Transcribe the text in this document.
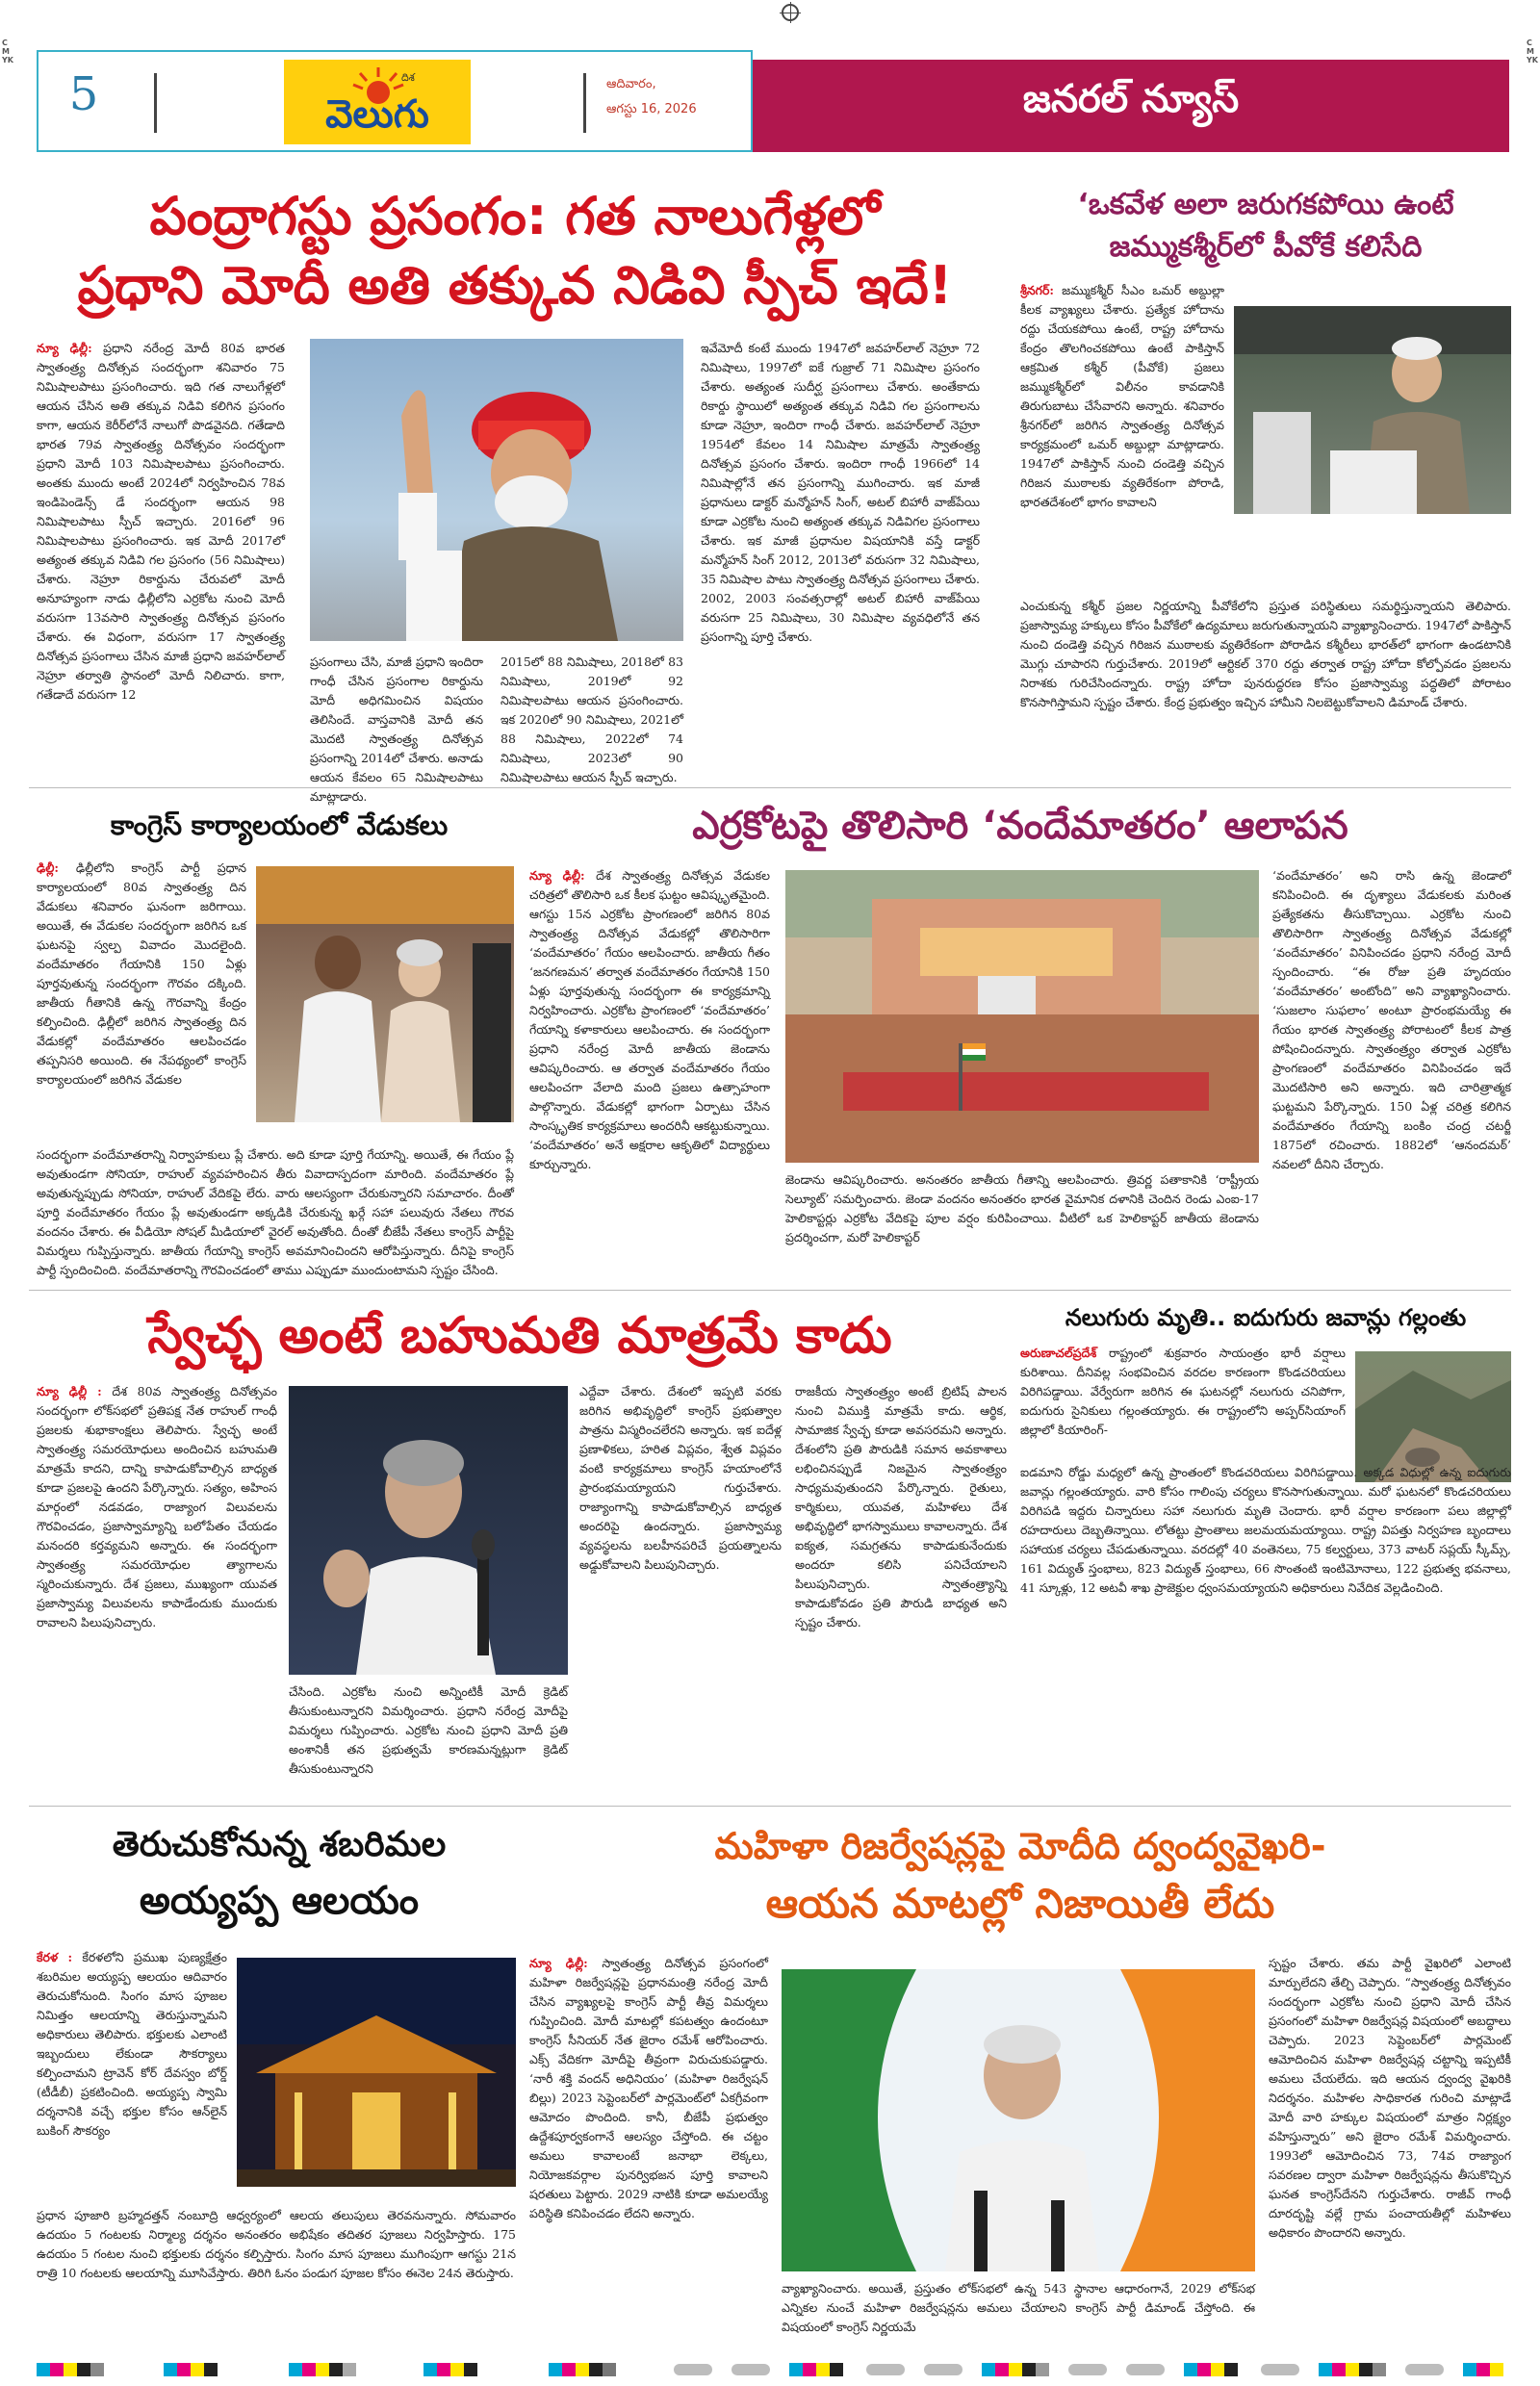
CMYK
CMYK
5	దిశ
వెలుగు
ఆదివారం,
ఆగస్టు 16, 2026	జనరల్ న్యూస్
పంద్రాగస్టు ప్రసంగం: గత నాలుగేళ్లలో
ప్రధాని మోదీ అతి తక్కువ నిడివి స్పీచ్ ఇదే!
న్యూ ఢిల్లీ: ప్రధాని నరేంద్ర మోదీ 80వ భారత స్వాతంత్ర్య దినోత్సవ సందర్భంగా శనివారం 75 నిమిషాలపాటు ప్రసంగించారు. ఇది గత నాలుగేళ్లలో ఆయన చేసిన అతి తక్కువ నిడివి కలిగిన ప్రసంగం కాగా, ఆయన కెరీర్‌లోనే నాలుగో పొడవైనది. గతేడాది భారత 79వ స్వాతంత్ర్య దినోత్సవం సందర్భంగా ప్రధాని మోదీ 103 నిమిషాలపాటు ప్రసంగించారు. అంతకు ముందు అంటే 2024లో నిర్వహించిన 78వ ఇండిపెండెన్స్ డే సందర్భంగా ఆయన 98 నిమిషాలపాటు స్పీచ్ ఇచ్చారు. 2016లో 96 నిమిషాలపాటు ప్రసంగించారు. ఇక మోదీ 2017లో అత్యంత తక్కువ నిడివి గల ప్రసంగం (56 నిమిషాలు) చేశారు. నెహ్రూ రికార్డును చేరువలో మోదీ అనూహ్యంగా నాడు ఢిల్లీలోని ఎర్రకోట నుంచి మోదీ వరుసగా 13వసారి స్వాతంత్ర్య దినోత్సవ ప్రసంగం చేశారు. ఈ విధంగా, వరుసగా 17 స్వాతంత్ర్య దినోత్సవ ప్రసంగాలు చేసిన మాజీ ప్రధాని జవహర్‌లాల్ నెహ్రూ తర్వాతి స్థానంలో మోదీ నిలిచారు. కాగా, గతేడాదే వరుసగా 12
ప్రసంగాలు చేసి, మాజీ ప్రధాని ఇందిరా గాంధీ చేసిన ప్రసంగాల రికార్డును మోదీ అధిగమించిన విషయం తెలిసిందే. వాస్తవానికి మోదీ తన మొదటి స్వాతంత్ర్య దినోత్సవ ప్రసంగాన్ని 2014లో చేశారు. అనాడు ఆయన కేవలం 65 నిమిషాలపాటు మాట్లాడారు.
2015లో 88 నిమిషాలు, 2018లో 83 నిమిషాలు, 2019లో 92 నిమిషాలపాటు ఆయన ప్రసంగించారు. ఇక 2020లో 90 నిమిషాలు, 2021లో 88 నిమిషాలు, 2022లో 74 నిమిషాలు, 2023లో 90 నిమిషాలపాటు ఆయన స్పీచ్ ఇచ్చారు.
ఇవేమోదీ కంటే ముందు 1947లో జవహర్‌లాల్ నెహ్రూ 72 నిమిషాలు, 1997లో ఐకే గుజ్రాల్ 71 నిమిషాల ప్రసంగం చేశారు. అత్యంత సుదీర్ఘ ప్రసంగాలు చేశారు. అంతేకాదు రికార్డు స్థాయిలో అత్యంత తక్కువ నిడివి గల ప్రసంగాలను కూడా నెహ్రూ, ఇందిరా గాంధీ చేశారు. జవహర్‌లాల్ నెహ్రూ 1954లో కేవలం 14 నిమిషాల మాత్రమే స్వాతంత్ర్య దినోత్సవ ప్రసంగం చేశారు. ఇందిరా గాంధీ 1966లో 14 నిమిషాల్లోనే తన ప్రసంగాన్ని ముగించారు. ఇక మాజీ ప్రధానులు డాక్టర్ మన్మోహన్ సింగ్, అటల్ బిహారీ వాజ్‌పేయి కూడా ఎర్రకోట నుంచి అత్యంత తక్కువ నిడివిగల ప్రసంగాలు చేశారు. ఇక మాజీ ప్రధానుల విషయానికి వస్తే డాక్టర్ మన్మోహన్ సింగ్ 2012, 2013లో వరుసగా 32 నిమిషాలు, 35 నిమిషాల పాటు స్వాతంత్ర్య దినోత్సవ ప్రసంగాలు చేశారు. 2002, 2003 సంవత్సరాల్లో అటల్ బిహారీ వాజ్‌పేయి వరుసగా 25 నిమిషాలు, 30 నిమిషాల వ్యవధిలోనే తన ప్రసంగాన్ని పూర్తి చేశారు.
‘ఒకవేళ అలా జరుగకపోయి ఉంటే
జమ్ముకశ్మీర్‌లో పీవోకే కలిసేది
శ్రీనగర్: జమ్ముకశ్మీర్ సీఎం ఒమర్ అబ్దుల్లా కీలక వ్యాఖ్యలు చేశారు. ప్రత్యేక హోదాను రద్దు చేయకపోయి ఉంటే, రాష్ట్ర హోదాను కేంద్రం తొలగించకపోయి ఉంటే పాకిస్తాన్ ఆక్రమిత కశ్మీర్ (పీవోకే) ప్రజలు జమ్ముకశ్మీర్‌లో విలీనం కావడానికి తిరుగుబాటు చేసేవారని అన్నారు. శనివారం శ్రీనగర్‌లో జరిగిన స్వాతంత్ర్య దినోత్సవ కార్యక్రమంలో ఒమర్ అబ్దుల్లా మాట్లాడారు. 1947లో పాకిస్తాన్ నుంచి దండెత్తి వచ్చిన గిరిజన ముఠాలకు వ్యతిరేకంగా పోరాడి, భారతదేశంలో భాగం కావాలని
ఎంచుకున్న కశ్మీర్ ప్రజల నిర్ణయాన్ని పీవోకేలోని ప్రస్తుత పరిస్థితులు సమర్థిస్తున్నాయని తెలిపారు. ప్రజాస్వామ్య హక్కులు కోసం పీవోకేలో ఉద్యమాలు జరుగుతున్నాయని వ్యాఖ్యానించారు. 1947లో పాకిస్తాన్ నుంచి దండెత్తి వచ్చిన గిరిజన ముఠాలకు వ్యతిరేకంగా పోరాడిన కశ్మీరీలు భారత్‌లో భాగంగా ఉండటానికి మొగ్గు చూపారని గుర్తుచేశారు. 2019లో ఆర్టికల్ 370 రద్దు తర్వాత రాష్ట్ర హోదా కోల్పోవడం ప్రజలను నిరాశకు గురిచేసిందన్నారు. రాష్ట్ర హోదా పునరుద్ధరణ కోసం ప్రజాస్వామ్య పద్ధతిలో పోరాటం కొనసాగిస్తామని స్పష్టం చేశారు. కేంద్ర ప్రభుత్వం ఇచ్చిన హామీని నిలబెట్టుకోవాలని డిమాండ్ చేశారు.
కాంగ్రెస్ కార్యాలయంలో వేడుకలు
ఢిల్లీ: ఢిల్లీలోని కాంగ్రెస్ పార్టీ ప్రధాన కార్యాలయంలో 80వ స్వాతంత్ర్య దిన వేడుకలు శనివారం ఘనంగా జరిగాయి. అయితే, ఈ వేడుకల సందర్భంగా జరిగిన ఒక ఘటనపై స్వల్ప వివాదం మొదలైంది. వందేమాతరం గేయానికి 150 ఏళ్లు పూర్తవుతున్న సందర్భంగా గౌరవం దక్కింది. జాతీయ గీతానికి ఉన్న గౌరవాన్ని కేంద్రం కల్పించింది. ఢిల్లీలో జరిగిన స్వాతంత్ర్య దిన వేడుకల్లో వందేమాతరం ఆలపించడం తప్పనిసరి అయింది. ఈ నేపథ్యంలో కాంగ్రెస్ కార్యాలయంలో జరిగిన వేడుకల
సందర్భంగా వందేమాతరాన్ని నిర్వాహకులు ప్లే చేశారు. అది కూడా పూర్తి గేయాన్ని. అయితే, ఈ గేయం ప్లే అవుతుండగా సోనియా, రాహుల్ వ్యవహరించిన తీరు వివాదాస్పదంగా మారింది. వందేమాతరం ప్లే అవుతున్నప్పుడు సోనియా, రాహుల్ వేదికపై లేరు. వారు ఆలస్యంగా చేరుకున్నారని సమాచారం. దీంతో పూర్తి వందేమాతరం గేయం ప్లే అవుతుండగా అక్కడికి చేరుకున్న ఖర్గే సహా పలువురు నేతలు గౌరవ వందనం చేశారు. ఈ వీడియో సోషల్ మీడియాలో వైరల్ అవుతోంది. దీంతో బీజేపీ నేతలు కాంగ్రెస్ పార్టీపై విమర్శలు గుప్పిస్తున్నారు. జాతీయ గేయాన్ని కాంగ్రెస్ అవమానించిందని ఆరోపిస్తున్నారు. దీనిపై కాంగ్రెస్ పార్టీ స్పందించింది. వందేమాతరాన్ని గౌరవించడంలో తాము ఎప్పుడూ ముందుంటామని స్పష్టం చేసింది.
ఎర్రకోటపై తొలిసారి ‘వందేమాతరం’ ఆలాపన
న్యూ ఢిల్లీ: దేశ స్వాతంత్ర్య దినోత్సవ వేడుకల చరిత్రలో తొలిసారి ఒక కీలక ఘట్టం ఆవిష్కృతమైంది. ఆగస్టు 15న ఎర్రకోట ప్రాంగణంలో జరిగిన 80వ స్వాతంత్ర్య దినోత్సవ వేడుకల్లో తొలిసారిగా ‘వందేమాతరం’ గేయం ఆలపించారు. జాతీయ గీతం ‘జనగణమన’ తర్వాత వందేమాతరం గేయానికి 150 ఏళ్లు పూర్తవుతున్న సందర్భంగా ఈ కార్యక్రమాన్ని నిర్వహించారు. ఎర్రకోట ప్రాంగణంలో ‘వందేమాతరం’ గేయాన్ని కళాకారులు ఆలపించారు. ఈ సందర్భంగా ప్రధాని నరేంద్ర మోదీ జాతీయ జెండాను ఆవిష్కరించారు. ఆ తర్వాత వందేమాతరం గేయం ఆలపించగా వేలాది మంది ప్రజలు ఉత్సాహంగా పాల్గొన్నారు. వేడుకల్లో భాగంగా ఏర్పాటు చేసిన సాంస్కృతిక కార్యక్రమాలు అందరినీ ఆకట్టుకున్నాయి. ‘వందేమాతరం’ అనే అక్షరాల ఆకృతిలో విద్యార్థులు కూర్చున్నారు.
జెండాను ఆవిష్కరించారు. అనంతరం జాతీయ గీతాన్ని ఆలపించారు. త్రివర్ణ పతాకానికి ‘రాష్ట్రీయ సెల్యూట్’ సమర్పించారు. జెండా వందనం అనంతరం భారత వైమానిక దళానికి చెందిన రెండు ఎంఐ-17 హెలికాప్టర్లు ఎర్రకోట వేదికపై పూల వర్షం కురిపించాయి. వీటిలో ఒక హెలికాప్టర్ జాతీయ జెండాను ప్రదర్శించగా, మరో హెలికాప్టర్
‘వందేమాతరం’ అని రాసి ఉన్న జెండాలో కనిపించింది. ఈ దృశ్యాలు వేడుకలకు మరింత ప్రత్యేకతను తీసుకొచ్చాయి. ఎర్రకోట నుంచి తొలిసారిగా స్వాతంత్ర్య దినోత్సవ వేడుకల్లో ‘వందేమాతరం’ వినిపించడం ప్రధాని నరేంద్ర మోదీ స్పందించారు. “ఈ రోజు ప్రతి హృదయం ‘వందేమాతరం’ అంటోంది” అని వ్యాఖ్యానించారు. ‘సుజలాం సుఫలాం’ అంటూ ప్రారంభమయ్యే ఈ గేయం భారత స్వాతంత్ర్య పోరాటంలో కీలక పాత్ర పోషించిందన్నారు. స్వాతంత్ర్యం తర్వాత ఎర్రకోట ప్రాంగణంలో వందేమాతరం వినిపించడం ఇదే మొదటిసారి అని అన్నారు. ఇది చారిత్రాత్మక ఘట్టమని పేర్కొన్నారు. 150 ఏళ్ల చరిత్ర కలిగిన వందేమాతరం గేయాన్ని బంకిం చంద్ర చటర్జీ 1875లో రచించారు. 1882లో ‘ఆనందమఠ్’ నవలలో దీనిని చేర్చారు.
స్వేచ్ఛ అంటే బహుమతి మాత్రమే కాదు
న్యూ ఢిల్లీ : దేశ 80వ స్వాతంత్ర్య దినోత్సవం సందర్భంగా లోక్‌సభలో ప్రతిపక్ష నేత రాహుల్ గాంధీ ప్రజలకు శుభాకాంక్షలు తెలిపారు. స్వేచ్ఛ అంటే స్వాతంత్ర్య సమరయోధులు అందించిన బహుమతి మాత్రమే కాదని, దాన్ని కాపాడుకోవాల్సిన బాధ్యత కూడా ప్రజలపై ఉందని పేర్కొన్నారు. సత్యం, అహింస మార్గంలో నడవడం, రాజ్యాంగ విలువలను గౌరవించడం, ప్రజాస్వామ్యాన్ని బలోపేతం చేయడం మనందరి కర్తవ్యమని అన్నారు. ఈ సందర్భంగా స్వాతంత్ర్య సమరయోధుల త్యాగాలను స్మరించుకున్నారు. దేశ ప్రజలు, ముఖ్యంగా యువత ప్రజాస్వామ్య విలువలను కాపాడేందుకు ముందుకు రావాలని పిలుపునిచ్చారు.
చేసింది. ఎర్రకోట నుంచి అన్నింటికీ మోదీ క్రెడిట్ తీసుకుంటున్నారని విమర్శించారు. ప్రధాని నరేంద్ర మోదీపై విమర్శలు గుప్పించారు. ఎర్రకోట నుంచి ప్రధాని మోదీ ప్రతి అంశానికీ తన ప్రభుత్వమే కారణమన్నట్లుగా క్రెడిట్ తీసుకుంటున్నారని
ఎద్దేవా చేశారు. దేశంలో ఇప్పటి వరకు జరిగిన అభివృద్ధిలో కాంగ్రెస్ ప్రభుత్వాల పాత్రను విస్మరించలేరని అన్నారు. ఇక ఐదేళ్ల ప్రణాళికలు, హరిత విప్లవం, శ్వేత విప్లవం వంటి కార్యక్రమాలు కాంగ్రెస్ హయాంలోనే ప్రారంభమయ్యాయని గుర్తుచేశారు. రాజ్యాంగాన్ని కాపాడుకోవాల్సిన బాధ్యత అందరిపై ఉందన్నారు. ప్రజాస్వామ్య వ్యవస్థలను బలహీనపరిచే ప్రయత్నాలను అడ్డుకోవాలని పిలుపునిచ్చారు.
రాజకీయ స్వాతంత్ర్యం అంటే బ్రిటిష్ పాలన నుంచి విముక్తి మాత్రమే కాదు. ఆర్థిక, సామాజిక స్వేచ్ఛ కూడా అవసరమని అన్నారు. దేశంలోని ప్రతి పౌరుడికి సమాన అవకాశాలు లభించినప్పుడే నిజమైన స్వాతంత్ర్యం సాధ్యమవుతుందని పేర్కొన్నారు. రైతులు, కార్మికులు, యువత, మహిళలు దేశ అభివృద్ధిలో భాగస్వాములు కావాలన్నారు. దేశ ఐక్యత, సమగ్రతను కాపాడుకునేందుకు అందరూ కలిసి పనిచేయాలని పిలుపునిచ్చారు. స్వాతంత్ర్యాన్ని కాపాడుకోవడం ప్రతి పౌరుడి బాధ్యత అని స్పష్టం చేశారు.
నలుగురు మృతి.. ఐదుగురు జవాన్లు గల్లంతు
అరుణాచల్‌ప్రదేశ్ రాష్ట్రంలో శుక్రవారం సాయంత్రం భారీ వర్షాలు కురిశాయి. దీనివల్ల సంభవించిన వరదల కారణంగా కొండచరియలు విరిగిపడ్డాయి. వేర్వేరుగా జరిగిన ఈ ఘటనల్లో నలుగురు చనిపోగా, ఐదుగురు సైనికులు గల్లంతయ్యారు. ఈ రాష్ట్రంలోని అప్పర్‌సియాంగ్ జిల్లాలో కియారింగ్-
ఐడమాని రోడ్డు మధ్యలో ఉన్న ప్రాంతంలో కొండచరియలు విరిగిపడ్డాయి. అక్కడ విధుల్లో ఉన్న ఐదుగురు జవాన్లు గల్లంతయ్యారు. వారి కోసం గాలింపు చర్యలు కొనసాగుతున్నాయి. మరో ఘటనలో కొండచరియలు విరిగిపడి ఇద్దరు చిన్నారులు సహా నలుగురు మృతి చెందారు. భారీ వర్షాల కారణంగా పలు జిల్లాల్లో రహదారులు దెబ్బతిన్నాయి. లోతట్టు ప్రాంతాలు జలమయమయ్యాయి. రాష్ట్ర విపత్తు నిర్వహణ బృందాలు సహాయక చర్యలు చేపడుతున్నాయి. వరదల్లో 40 వంతెనలు, 75 కల్వర్టులు, 373 వాటర్ సప్లయ్ స్కీమ్స్, 161 విద్యుత్ స్తంభాలు, 823 విద్యుత్ స్తంభాలు, 66 సొంతంటి ఇంటిమోనాలు, 122 ప్రభుత్వ భవనాలు, 41 స్కూళ్లు, 12 అటవీ శాఖ ప్రాజెక్టుల ధ్వంసమయ్యాయని అధికారులు నివేదిక వెల్లడించింది.
తెరుచుకోనున్న శబరిమల
అయ్యప్ప ఆలయం
కేరళ : కేరళలోని ప్రముఖ పుణ్యక్షేత్రం శబరిమల అయ్యప్ప ఆలయం ఆదివారం తెరుచుకోనుంది. సింగం మాస పూజల నిమిత్తం ఆలయాన్ని తెరుస్తున్నామని అధికారులు తెలిపారు. భక్తులకు ఎలాంటి ఇబ్బందులు లేకుండా సౌకర్యాలు కల్పించామని ట్రావెన్ కోర్ దేవస్వం బోర్డ్ (టీడీబీ) ప్రకటించింది. అయ్యప్ప స్వామి దర్శనానికి వచ్చే భక్తుల కోసం ఆన్‌లైన్ బుకింగ్ సౌకర్యం
ప్రధాన పూజారి బ్రహ్మదత్తన్ నంబూద్రి ఆధ్వర్యంలో ఆలయ తలుపులు తెరవనున్నారు. సోమవారం ఉదయం 5 గంటలకు నిర్మాల్య దర్శనం అనంతరం అభిషేకం తదితర పూజలు నిర్వహిస్తారు. 175 ఉదయం 5 గంటల నుంచి భక్తులకు దర్శనం కల్పిస్తారు. సింగం మాస పూజలు ముగింపుగా ఆగస్టు 21న రాత్రి 10 గంటలకు ఆలయాన్ని మూసివేస్తారు. తిరిగి ఓనం పండుగ పూజల కోసం ఈనెల 24న తెరుస్తారు.
మహిళా రిజర్వేషన్లపై మోదీది ద్వంద్వవైఖరి-
ఆయన మాటల్లో నిజాయితీ లేదు
న్యూ ఢిల్లీ: స్వాతంత్ర్య దినోత్సవ ప్రసంగంలో మహిళా రిజర్వేషన్లపై ప్రధానమంత్రి నరేంద్ర మోదీ చేసిన వ్యాఖ్యలపై కాంగ్రెస్ పార్టీ తీవ్ర విమర్శలు గుప్పించింది. మోదీ మాటల్లో కపటత్వం ఉందంటూ కాంగ్రెస్ సీనియర్ నేత జైరాం రమేశ్ ఆరోపించారు. ఎక్స్ వేదికగా మోదీపై తీవ్రంగా విరుచుకుపడ్డారు. ‘నారీ శక్తి వందన్ అధినియం’ (మహిళా రిజర్వేషన్ బిల్లు) 2023 సెప్టెంబర్‌లో పార్లమెంట్‌లో ఏకగ్రీవంగా ఆమోదం పొందింది. కానీ, బీజేపీ ప్రభుత్వం ఉద్దేశపూర్వకంగానే ఆలస్యం చేస్తోంది. ఈ చట్టం అమలు కావాలంటే జనాభా లెక్కలు, నియోజకవర్గాల పునర్విభజన పూర్తి కావాలని షరతులు పెట్టారు. 2029 నాటికి కూడా అమలయ్యే పరిస్థితి కనిపించడం లేదని అన్నారు.
వ్యాఖ్యానించారు. అయితే, ప్రస్తుతం లోక్‌సభలో ఉన్న 543 స్థానాల ఆధారంగానే, 2029 లోక్‌సభ ఎన్నికల నుంచే మహిళా రిజర్వేషన్లను అమలు చేయాలని కాంగ్రెస్ పార్టీ డిమాండ్ చేస్తోంది. ఈ విషయంలో కాంగ్రెస్ నిర్ణయమే
స్పష్టం చేశారు. తమ పార్టీ వైఖరిలో ఎలాంటి మార్పులేదని తేల్చి చెప్పారు. “స్వాతంత్ర్య దినోత్సవం సందర్భంగా ఎర్రకోట నుంచి ప్రధాని మోదీ చేసిన ప్రసంగంలో మహిళా రిజర్వేషన్ల విషయంలో అబద్ధాలు చెప్పారు. 2023 సెప్టెంబర్‌లో పార్లమెంట్ ఆమోదించిన మహిళా రిజర్వేషన్ల చట్టాన్ని ఇప్పటికీ అమలు చేయలేదు. ఇది ఆయన ద్వంద్వ వైఖరికి నిదర్శనం. మహిళల సాధికారత గురించి మాట్లాడే మోదీ వారి హక్కుల విషయంలో మాత్రం నిర్లక్ష్యం వహిస్తున్నారు” అని జైరాం రమేశ్ విమర్శించారు. 1993లో ఆమోదించిన 73, 74వ రాజ్యాంగ సవరణల ద్వారా మహిళా రిజర్వేషన్లను తీసుకొచ్చిన ఘనత కాంగ్రెస్‌దేనని గుర్తుచేశారు. రాజీవ్ గాంధీ దూరదృష్టి వల్లే గ్రామ పంచాయతీల్లో మహిళలు అధికారం పొందారని అన్నారు.
